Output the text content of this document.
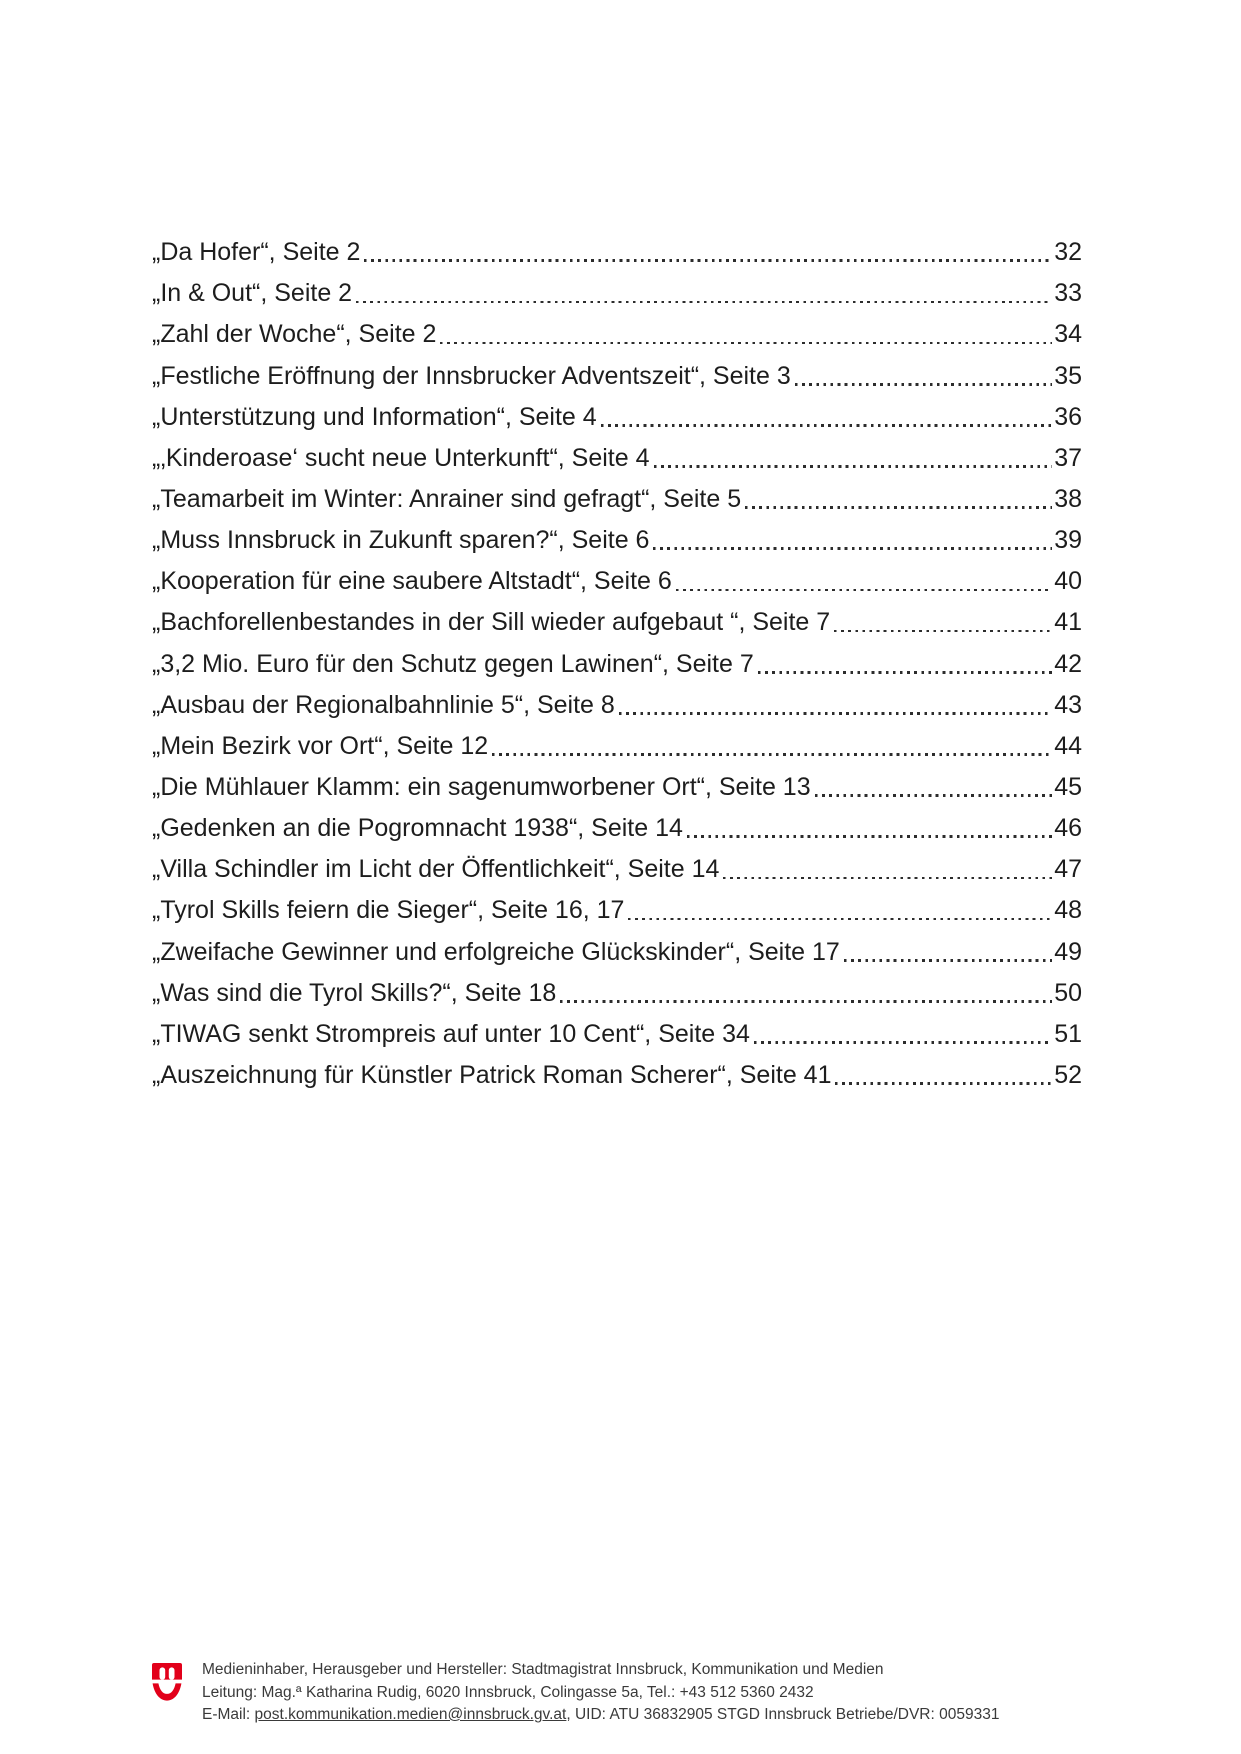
„Da Hofer“, Seite 2	32
„In & Out“, Seite 2	33
„Zahl der Woche“, Seite 2	34
„Festliche Eröffnung der Innsbrucker Adventszeit“, Seite 3	35
„Unterstützung und Information“, Seite 4	36
„‚Kinderoase‘ sucht neue Unterkunft“, Seite 4	37
„Teamarbeit im Winter: Anrainer sind gefragt“, Seite 5	38
„Muss Innsbruck in Zukunft sparen?“, Seite 6	39
„Kooperation für eine saubere Altstadt“, Seite 6	40
„Bachforellenbestandes in der Sill wieder aufgebaut “, Seite 7	41
„3,2 Mio. Euro für den Schutz gegen Lawinen“, Seite 7	42
„Ausbau der Regionalbahnlinie 5“, Seite 8	43
„Mein Bezirk vor Ort“, Seite 12	44
„Die Mühlauer Klamm: ein sagenumworbener Ort“, Seite 13	45
„Gedenken an die Pogromnacht 1938“, Seite 14	46
„Villa Schindler im Licht der Öffentlichkeit“, Seite 14	47
„Tyrol Skills feiern die Sieger“, Seite 16, 17	48
„Zweifache Gewinner und erfolgreiche Glückskinder“, Seite 17	49
„Was sind die Tyrol Skills?“, Seite 18	50
„TIWAG senkt Strompreis auf unter 10 Cent“, Seite 34	51
„Auszeichnung für Künstler Patrick Roman Scherer“, Seite 41	52
Medieninhaber, Herausgeber und Hersteller: Stadtmagistrat Innsbruck, Kommunikation und Medien
Leitung: Mag.ª Katharina Rudig, 6020 Innsbruck, Colingasse 5a, Tel.: +43 512 5360 2432
E-Mail: post.kommunikation.medien@innsbruck.gv.at, UID: ATU 36832905 STGD Innsbruck Betriebe/DVR: 0059331
